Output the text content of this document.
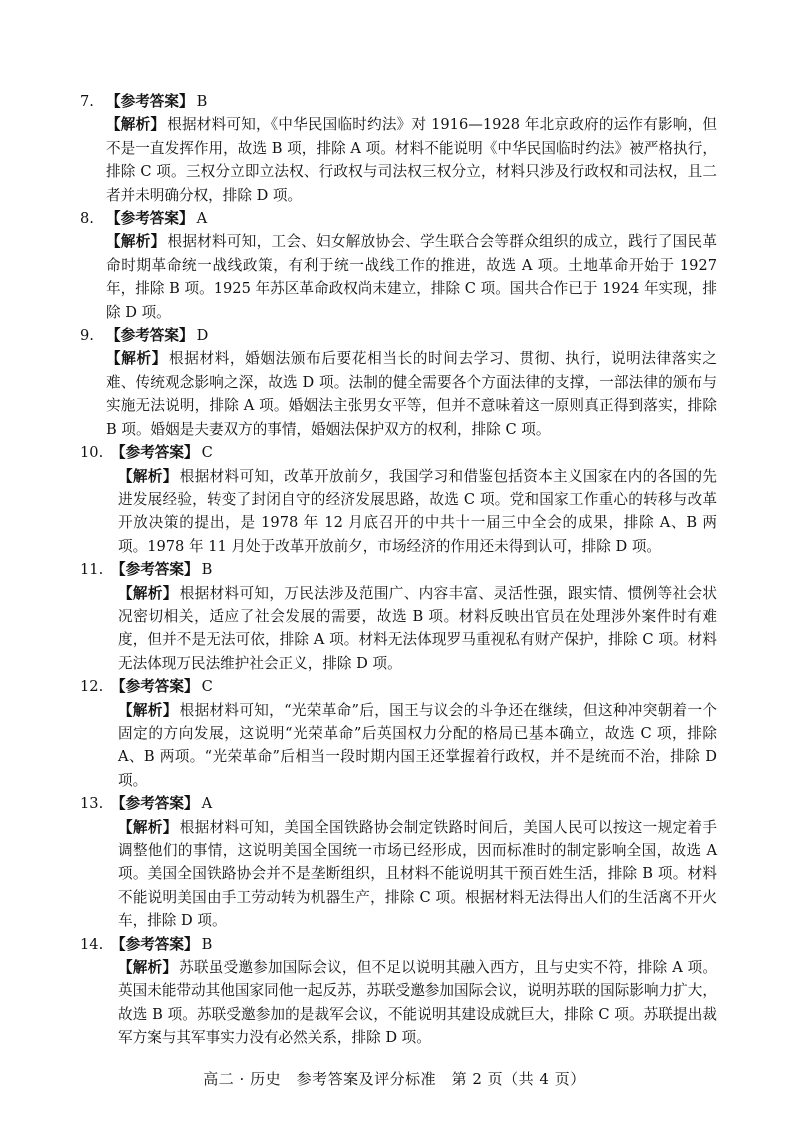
7. 【参考答案】 B

【解析】 根据材料可知，《中华民国临时约法》对 1916—1928 年北京政府的运作有影响，但不是一直发挥作用，故选 B 项，排除 A 项。材料不能说明《中华民国临时约法》被严格执行，排除 C 项。三权分立即立法权、行政权与司法权三权分立，材料只涉及行政权和司法权，且二者并未明确分权，排除 D 项。

8. 【参考答案】 A

【解析】 根据材料可知，工会、妇女解放协会、学生联合会等群众组织的成立，践行了国民革命时期革命统一战线政策，有利于统一战线工作的推进，故选 A 项。土地革命开始于 1927 年，排除 B 项。1925 年苏区革命政权尚未建立，排除 C 项。国共合作已于 1924 年实现，排除 D 项。

9. 【参考答案】 D

【解析】 根据材料，婚姻法颁布后要花相当长的时间去学习、贯彻、执行，说明法律落实之难、传统观念影响之深，故选 D 项。法制的健全需要各个方面法律的支撑，一部法律的颁布与实施无法说明，排除 A 项。婚姻法主张男女平等，但并不意味着这一原则真正得到落实，排除 B 项。婚姻是夫妻双方的事情，婚姻法保护双方的权利，排除 C 项。

10. 【参考答案】 C

【解析】 根据材料可知，改革开放前夕，我国学习和借鉴包括资本主义国家在内的各国的先进发展经验，转变了封闭自守的经济发展思路，故选 C 项。党和国家工作重心的转移与改革开放决策的提出，是 1978 年 12 月底召开的中共十一届三中全会的成果，排除 A、B 两项。1978 年 11 月处于改革开放前夕，市场经济的作用还未得到认可，排除 D 项。

11. 【参考答案】 B

【解析】 根据材料可知，万民法涉及范围广、内容丰富、灵活性强，跟实情、惯例等社会状况密切相关，适应了社会发展的需要，故选 B 项。材料反映出官员在处理涉外案件时有难度，但并不是无法可依，排除 A 项。材料无法体现罗马重视私有财产保护，排除 C 项。材料无法体现万民法维护社会正义，排除 D 项。

12. 【参考答案】 C

【解析】 根据材料可知，“光荣革命”后，国王与议会的斗争还在继续，但这种冲突朝着一个固定的方向发展，这说明“光荣革命”后英国权力分配的格局已基本确立，故选 C 项，排除 A、B 两项。“光荣革命”后相当一段时期内国王还掌握着行政权，并不是统而不治，排除 D 项。

13. 【参考答案】 A

【解析】 根据材料可知，美国全国铁路协会制定铁路时间后，美国人民可以按这一规定着手调整他们的事情，这说明美国全国统一市场已经形成，因而标准时的制定影响全国，故选 A 项。美国全国铁路协会并不是垄断组织，且材料不能说明其干预百姓生活，排除 B 项。材料不能说明美国由手工劳动转为机器生产，排除 C 项。根据材料无法得出人们的生活离不开火车，排除 D 项。

14. 【参考答案】 B

【解析】 苏联虽受邀参加国际会议，但不足以说明其融入西方，且与史实不符，排除 A 项。英国未能带动其他国家同他一起反苏，苏联受邀参加国际会议，说明苏联的国际影响力扩大，故选 B 项。苏联受邀参加的是裁军会议，不能说明其建设成就巨大，排除 C 项。苏联提出裁军方案与其军事实力没有必然关系，排除 D 项。

高二 · 历史　参考答案及评分标准　第 2 页（共 4 页）
